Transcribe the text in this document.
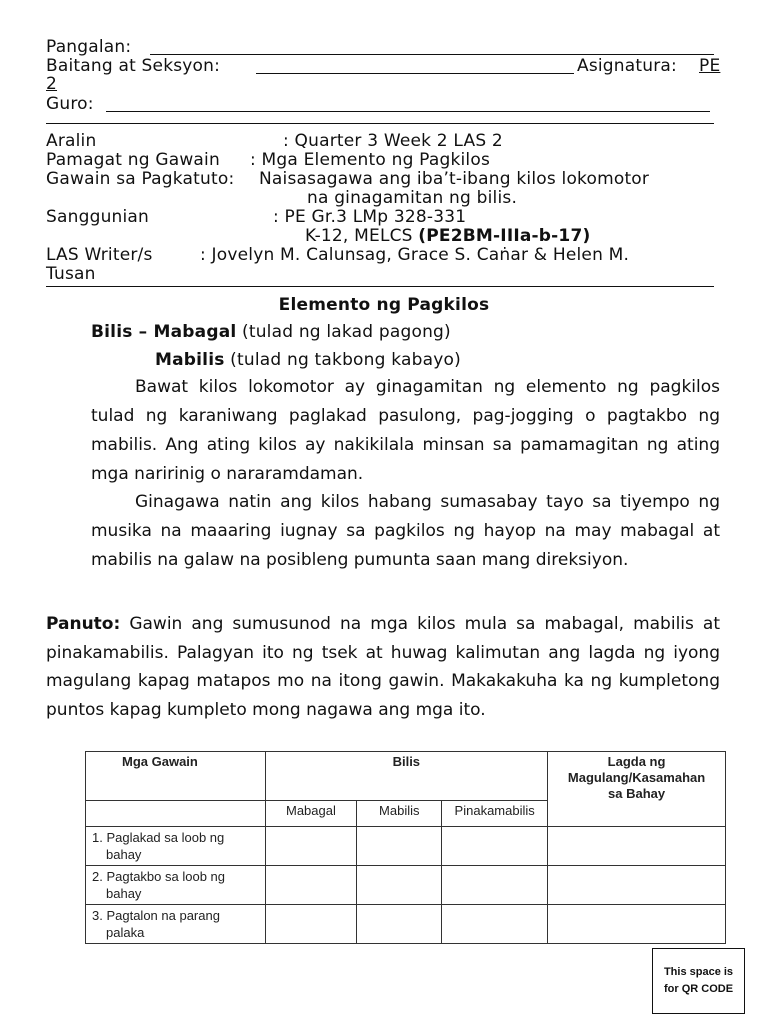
Pangalan:
Baitang at Seksyon:	Asignatura: PE
2
Guro:
Aralin	: Quarter 3 Week 2 LAS 2
Pamagat ng Gawain : Mga Elemento ng Pagkilos
Gawain sa Pagkatuto: Naisasagawa ang iba’t-ibang kilos lokomotor
na ginagamitan ng bilis.
Sanggunian	: PE Gr.3 LMp 328-331
K-12, MELCS (PE2BM-IIIa-b-17)
LAS Writer/s	: Jovelyn M. Calunsag, Grace S. Caṅar & Helen M.
Tusan
Elemento ng Pagkilos
Bilis – Mabagal (tulad ng lakad pagong)
Mabilis (tulad ng takbong kabayo)
Bawat kilos lokomotor ay ginagamitan ng elemento ng pagkilos tulad ng karaniwang paglakad pasulong, pag-jogging o pagtakbo ng mabilis. Ang ating kilos ay nakikilala minsan sa pamamagitan ng ating mga naririnig o nararamdaman.
Ginagawa natin ang kilos habang sumasabay tayo sa tiyempo ng musika na maaaring iugnay sa pagkilos ng hayop na may mabagal at mabilis na galaw na posibleng pumunta saan mang direksiyon.
Panuto: Gawin ang sumusunod na mga kilos mula sa mabagal, mabilis at pinakamabilis. Palagyan ito ng tsek at huwag kalimutan ang lagda ng iyong magulang kapag matapos mo na itong gawin. Makakakuha ka ng kumpletong puntos kapag kumpleto mong nagawa ang mga ito.
Mga Gawain	Bilis			Lagda ng
Magulang/Kasamahan
sa Bahay

	Mabagal	Mabilis	Pinakamabilis	

1. Paglakad sa loob ng
bahay				

2. Pagtakbo sa loob ng
bahay				

3. Pagtalon na parang
palaka				

This space is
for QR CODE
